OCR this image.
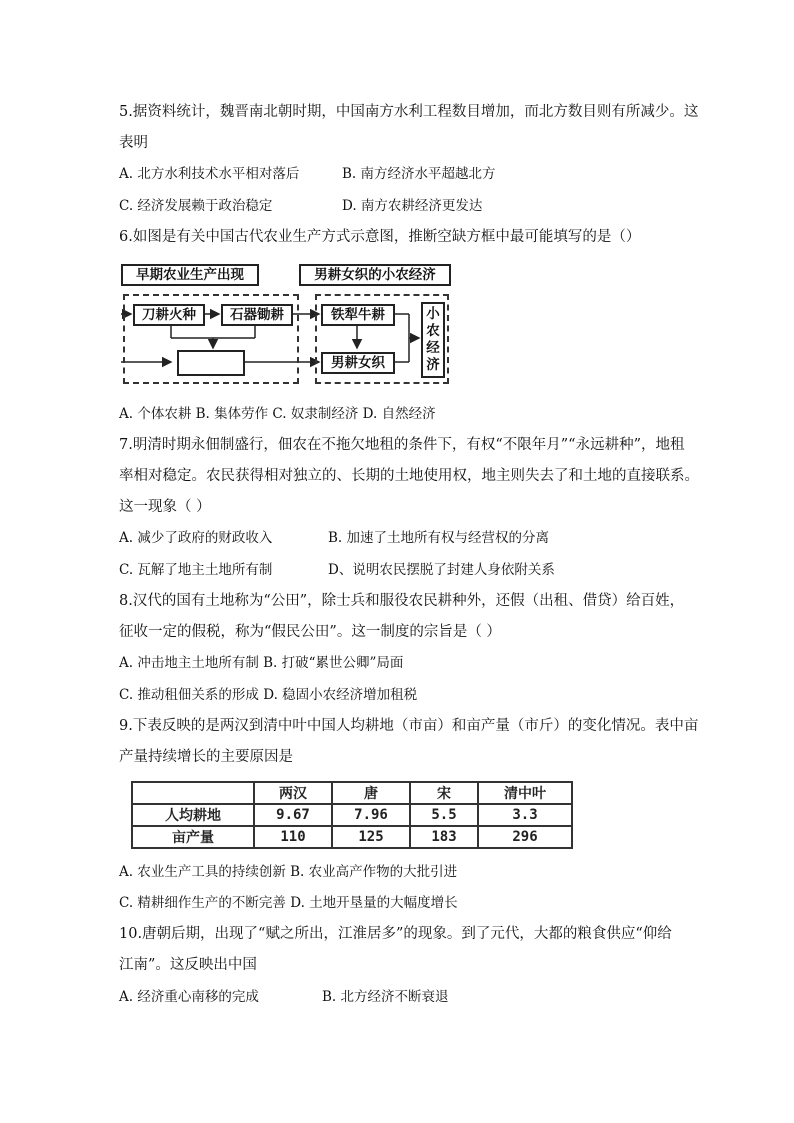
5.据资料统计，魏晋南北朝时期，中国南方水利工程数目增加，而北方数目则有所减少。这
表明
A. 北方水利技术水平相对落后	B. 南方经济水平超越北方
C. 经济发展赖于政治稳定	D. 南方农耕经济更发达
6.如图是有关中国古代农业生产方式示意图，推断空缺方框中最可能填写的是（）
早期农业生产出现	男耕女织的小农经济
刀耕火种	石器锄耕	铁犁牛耕
男耕女织
小农经济
A. 个体农耕 B. 集体劳作 C. 奴隶制经济 D. 自然经济
7.明清时期永佃制盛行，佃农在不拖欠地租的条件下，有权“不限年月”“永远耕种”，地租
率相对稳定。农民获得相对独立的、长期的土地使用权，地主则失去了和土地的直接联系。
这一现象（ ）
A. 减少了政府的财政收入	B. 加速了土地所有权与经营权的分离
C. 瓦解了地主土地所有制	D、说明农民摆脱了封建人身依附关系
8.汉代的国有土地称为“公田”，除士兵和服役农民耕种外，还假（出租、借贷）给百姓，
征收一定的假税，称为“假民公田”。这一制度的宗旨是（ ）
A. 冲击地主土地所有制 B. 打破“累世公卿”局面
C. 推动租佃关系的形成 D. 稳固小农经济增加租税
9.下表反映的是两汉到清中叶中国人均耕地（市亩）和亩产量（市斤）的变化情况。表中亩
产量持续增长的主要原因是
	两汉	唐	宋	清中叶
人均耕地	9.67	7.96	5.5	3.3
亩产量	110	125	183	296
A. 农业生产工具的持续创新 B. 农业高产作物的大批引进
C. 精耕细作生产的不断完善 D. 土地开垦量的大幅度增长
10.唐朝后期，出现了“赋之所出，江淮居多”的现象。到了元代，大都的粮食供应“仰给
江南”。这反映出中国
A. 经济重心南移的完成	B. 北方经济不断衰退
